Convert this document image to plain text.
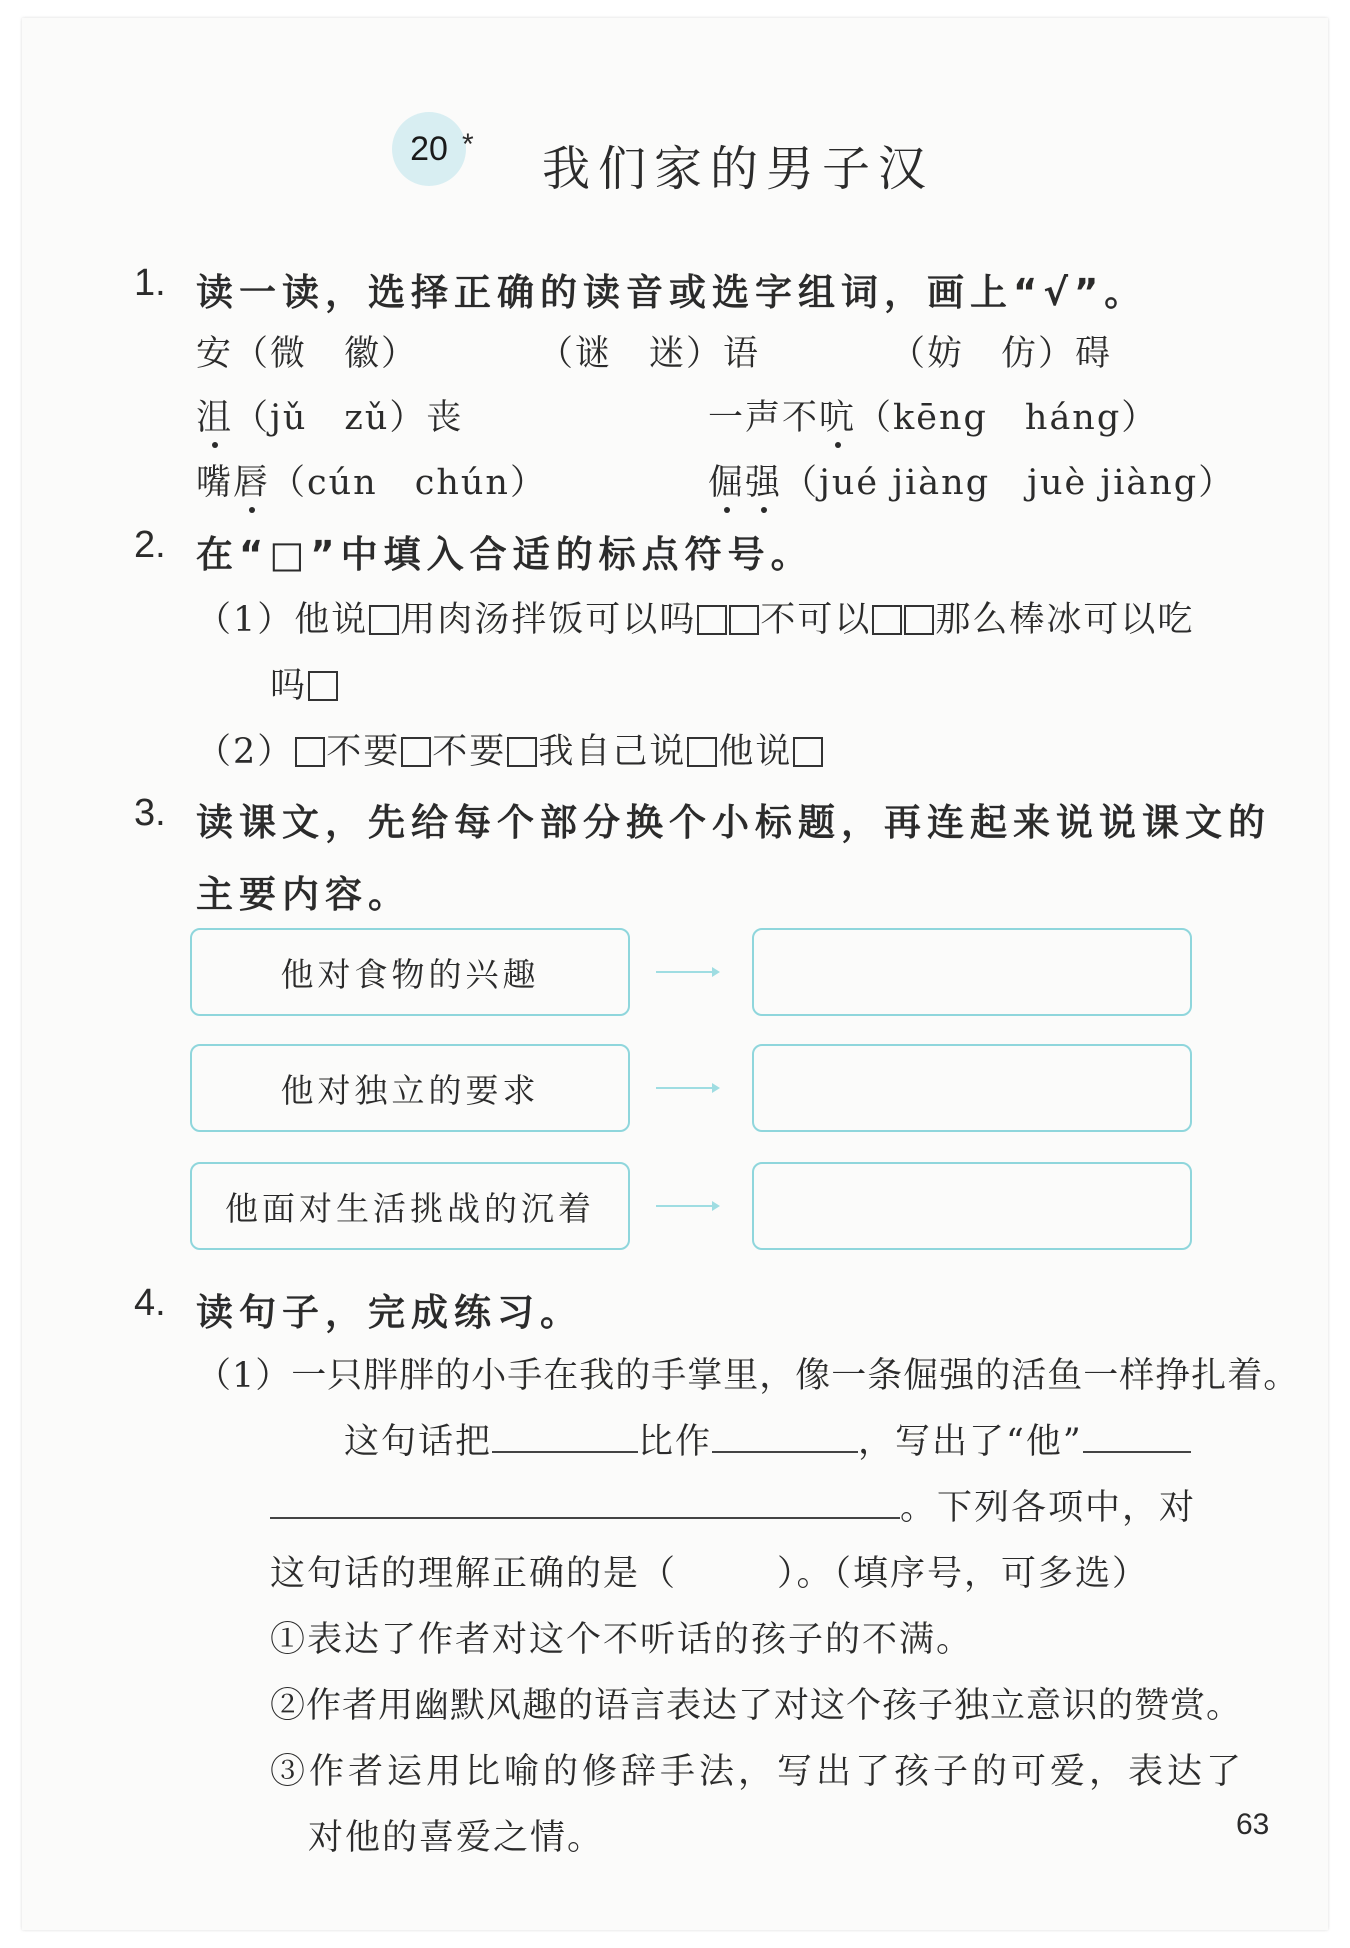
20 * 我们家的男子汉
1. 读一读，选择正确的读音或选字组词，画上“√”。
安（微　徽）	（谜　迷）语	（妨　仿）碍
沮（jǔ　zǔ）丧	一声不吭（kēng　háng）
嘴唇（cún　chún）	倔强（jué jiàng　juè jiàng）
2. 在“□”中填入合适的标点符号。
（1）他说 用肉汤拌饭可以吗 不可以 那么棒冰可以吃
吗
（2） 不要 不要 我自己说 他说
3. 读课文，先给每个部分换个小标题，再连起来说说课文的
主要内容。
他对食物的兴趣
他对独立的要求
他面对生活挑战的沉着
4. 读句子，完成练习。
（1）一只胖胖的小手在我的手掌里，像一条倔强的活鱼一样挣扎着。
这句话把	比作	，写出了“他”
。下列各项中，对
这句话的理解正确的是（	）。（填序号，可多选）
①表达了作者对这个不听话的孩子的不满。
②作者用幽默风趣的语言表达了对这个孩子独立意识的赞赏。
③作者运用比喻的修辞手法，写出了孩子的可爱，表达了
对他的喜爱之情。	63
